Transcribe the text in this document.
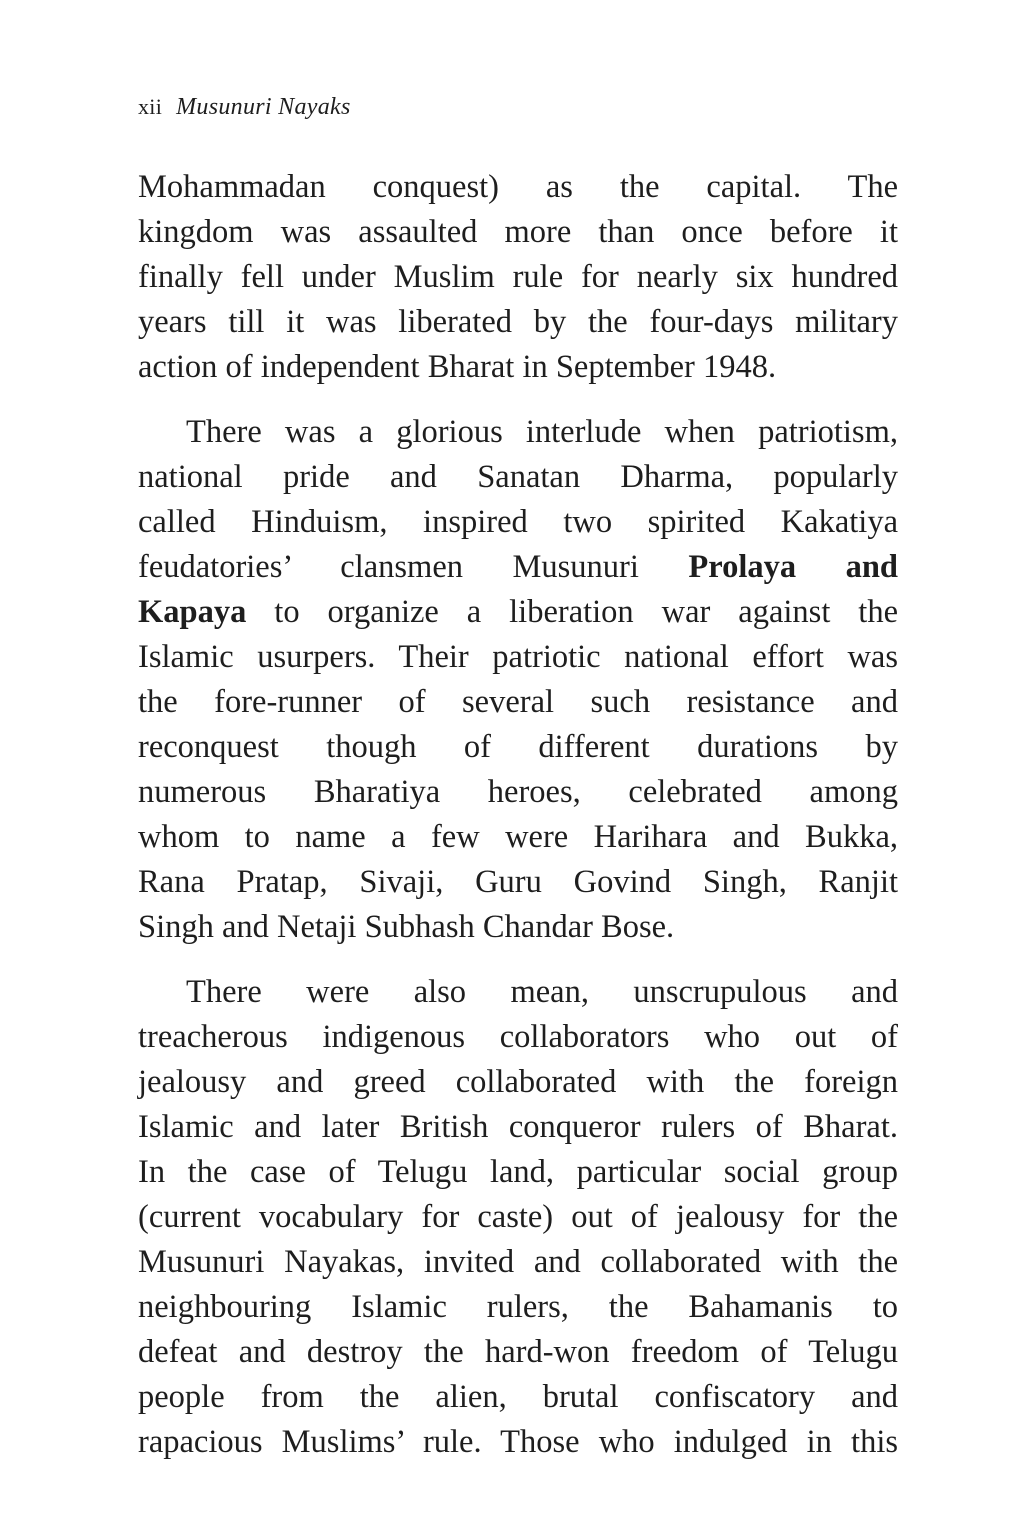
xii Musunuri Nayaks
Mohammadan conquest) as the capital. The
kingdom was assaulted more than once before it
finally fell under Muslim rule for nearly six hundred
years till it was liberated by the four-days military
action of independent Bharat in September 1948.
There was a glorious interlude when patriotism,
national pride and Sanatan Dharma, popularly
called Hinduism, inspired two spirited Kakatiya
feudatories’ clansmen Musunuri Prolaya and
Kapaya to organize a liberation war against the
Islamic usurpers. Their patriotic national effort was
the fore-runner of several such resistance and
reconquest though of different durations by
numerous Bharatiya heroes, celebrated among
whom to name a few were Harihara and Bukka,
Rana Pratap, Sivaji, Guru Govind Singh, Ranjit
Singh and Netaji Subhash Chandar Bose.
There were also mean, unscrupulous and
treacherous indigenous collaborators who out of
jealousy and greed collaborated with the foreign
Islamic and later British conqueror rulers of Bharat.
In the case of Telugu land, particular social group
(current vocabulary for caste) out of jealousy for the
Musunuri Nayakas, invited and collaborated with the
neighbouring Islamic rulers, the Bahamanis to
defeat and destroy the hard-won freedom of Telugu
people from the alien, brutal confiscatory and
rapacious Muslims’ rule. Those who indulged in this
